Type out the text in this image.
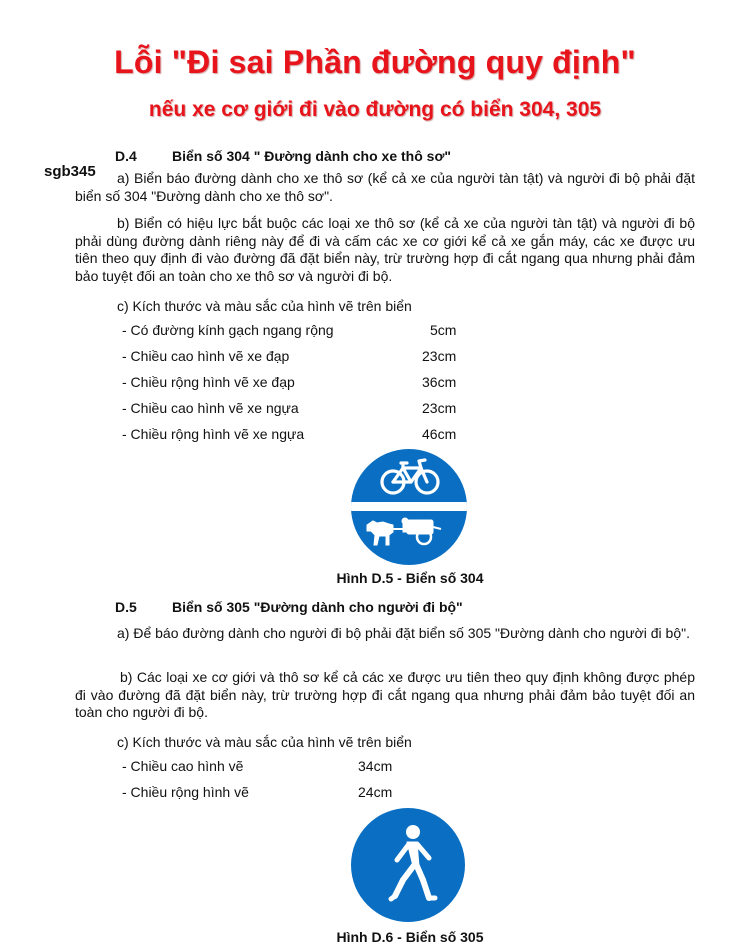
Lỗi "Đi sai Phần đường quy định"
nếu xe cơ giới đi vào đường có biển 304, 305
sgb345
D.4	Biển số 304 " Đường dành cho xe thô sơ"
a) Biển báo đường dành cho xe thô sơ (kể cả xe của người tàn tật) và người đi bộ phải đặt biển số 304 "Đường dành cho xe thô sơ".
b) Biển có hiệu lực bắt buộc các loại xe thô sơ (kể cả xe của người tàn tật) và người đi bộ phải dùng đường dành riêng này để đi và cấm các xe cơ giới kể cả xe gắn máy, các xe được ưu tiên theo quy định đi vào đường đã đặt biển này, trừ trường hợp đi cắt ngang qua nhưng phải đảm bảo tuyệt đối an toàn cho xe thô sơ và người đi bộ.
c) Kích thước và màu sắc của hình vẽ trên biển
- Có đường kính gạch ngang rộng	5cm
- Chiều cao hình vẽ xe đạp	23cm
- Chiều rộng hình vẽ xe đạp	36cm
- Chiều cao hình vẽ xe ngựa	23cm
- Chiều rộng hình vẽ xe ngựa	46cm
Hình D.5 - Biển số 304
D.5	Biển số 305 "Đường dành cho người đi bộ"
a) Để báo đường dành cho người đi bộ phải đặt biển số 305 "Đường dành cho người đi bộ".
b) Các loại xe cơ giới và thô sơ kể cả các xe được ưu tiên theo quy định không được phép đi vào đường đã đặt biển này, trừ trường hợp đi cắt ngang qua nhưng phải đảm bảo tuyệt đối an toàn cho người đi bộ.
c) Kích thước và màu sắc của hình vẽ trên biển
- Chiều cao hình vẽ	34cm
- Chiều rộng hình vẽ	24cm
Hình D.6 - Biển số 305
